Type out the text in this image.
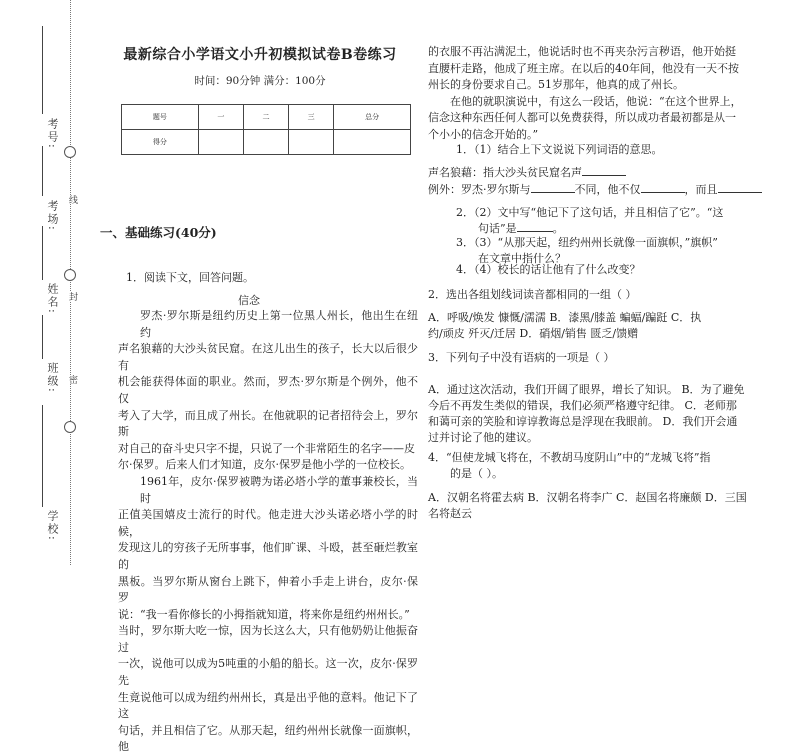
线
封
密
考号:
考场:
姓名:
班级:
学校:
最新综合小学语文小升初模拟试卷B卷练习
时间：90分钟 满分：100分
题号	一	二	三	总分
得分				
一、基础练习(40分)
1．阅读下文，回答问题。
信念
罗杰·罗尔斯是纽约历史上第一位黑人州长，他出生在纽约
声名狼藉的大沙头贫民窟。在这儿出生的孩子，长大以后很少有
机会能获得体面的职业。然而，罗杰·罗尔斯是个例外，他不仅
考入了大学，而且成了州长。在他就职的记者招待会上，罗尔斯
对自己的奋斗史只字不提，只说了一个非常陌生的名字——皮
尔·保罗。后来人们才知道，皮尔·保罗是他小学的一位校长。
1961年，皮尔·保罗被聘为诺必塔小学的董事兼校长，当时
正值美国嬉皮士流行的时代。他走进大沙头诺必塔小学的时候，
发现这儿的穷孩子无所事事，他们旷课、斗殴，甚至砸烂教室的
黑板。当罗尔斯从窗台上跳下，伸着小手走上讲台，皮尔·保罗
说：“我一看你修长的小拇指就知道，将来你是纽约州州长。”
当时，罗尔斯大吃一惊，因为长这么大，只有他奶奶让他振奋过
一次，说他可以成为5吨重的小船的船长。这一次，皮尔·保罗先
生竟说他可以成为纽约州州长，真是出乎他的意料。他记下了这
句话，并且相信了它。从那天起，纽约州州长就像一面旗帜，他
的衣服不再沾满泥土，他说话时也不再夹杂污言秽语，他开始挺
直腰杆走路，他成了班主席。在以后的40年间，他没有一天不按
州长的身份要求自己。51岁那年，他真的成了州长。
在他的就职演说中，有这么一段话，他说：“在这个世界上，
信念这种东西任何人都可以免费获得，所以成功者最初都是从一
个小小的信念开始的。”
1．（1）结合上下文说说下列词语的意思。
声名狼藉：指大沙头贫民窟名声
例外：罗杰·罗尔斯与	不同，他不仅	，而且
2．（2）文中写“他记下了这句话，并且相信了它”。“这
句话”是	。
3．（3）“从那天起，纽约州州长就像一面旗帜，”旗帜”
在文章中指什么？
4．（4）校长的话让他有了什么改变？
2．选出各组划线词读音都相同的一组（ ）
A．呼吸/焕发 慷慨/濡濡 B．漆黑/膝盖 蝙蝠/蹁跹 C．执
约/顽皮 歼灭/迁居 D．硝烟/销售 匮乏/馈赠
3．下列句子中没有语病的一项是（ ）
A．通过这次活动，我们开阔了眼界，增长了知识。 B．为了避免
今后不再发生类似的错误，我们必须严格遵守纪律。 C．老师那
和蔼可亲的笑脸和谆谆教诲总是浮现在我眼前。 D．我们开会通
过并讨论了他的建议。
4．“但使龙城飞将在，不教胡马度阴山”中的“龙城飞将”指
的是（ ）。
A．汉朝名将霍去病 B．汉朝名将李广 C．赵国名将廉颇 D．三国
名将赵云
